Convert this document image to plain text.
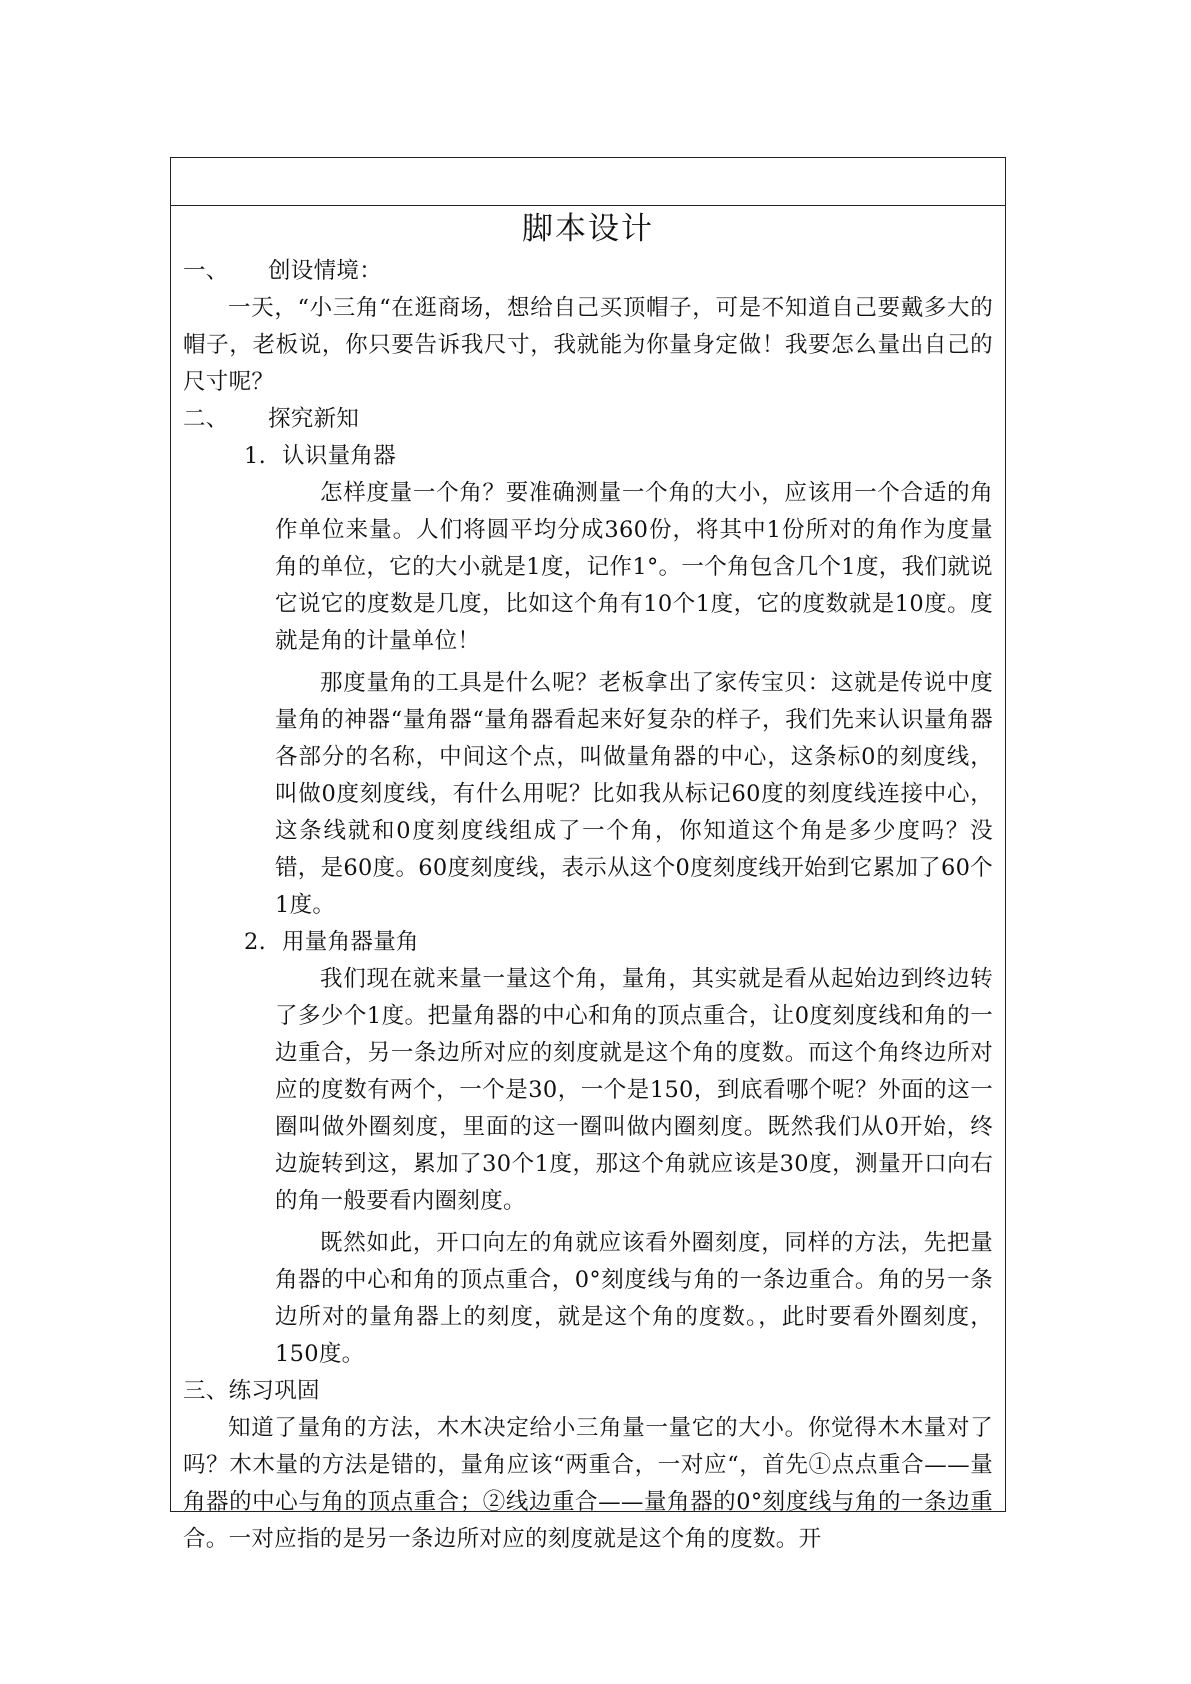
脚本设计

一、 创设情境：

一天，“小三角“在逛商场，想给自己买顶帽子，可是不知道自己要戴多大的帽子，老板说，你只要告诉我尺寸，我就能为你量身定做！我要怎么量出自己的尺寸呢？

二、 探究新知

1. 认识量角器

怎样度量一个角？要准确测量一个角的大小，应该用一个合适的角作单位来量。人们将圆平均分成360份，将其中1份所对的角作为度量角的单位，它的大小就是1度，记作1°。一个角包含几个1度，我们就说它说它的度数是几度，比如这个角有10个1度，它的度数就是10度。度就是角的计量单位！

那度量角的工具是什么呢？老板拿出了家传宝贝：这就是传说中度量角的神器“量角器“量角器看起来好复杂的样子，我们先来认识量角器各部分的名称，中间这个点，叫做量角器的中心，这条标0的刻度线，叫做0度刻度线，有什么用呢？比如我从标记60度的刻度线连接中心，这条线就和0度刻度线组成了一个角，你知道这个角是多少度吗？没错，是60度。60度刻度线，表示从这个0度刻度线开始到它累加了60个1度。

2. 用量角器量角

我们现在就来量一量这个角，量角，其实就是看从起始边到终边转了多少个1度。把量角器的中心和角的顶点重合，让0度刻度线和角的一边重合，另一条边所对应的刻度就是这个角的度数。而这个角终边所对应的度数有两个，一个是30，一个是150，到底看哪个呢？外面的这一圈叫做外圈刻度，里面的这一圈叫做内圈刻度。既然我们从0开始，终边旋转到这，累加了30个1度，那这个角就应该是30度，测量开口向右的角一般要看内圈刻度。

既然如此，开口向左的角就应该看外圈刻度，同样的方法，先把量角器的中心和角的顶点重合，0°刻度线与角的一条边重合。角的另一条边所对的量角器上的刻度，就是这个角的度数。，此时要看外圈刻度，150度。

三、练习巩固

知道了量角的方法，木木决定给小三角量一量它的大小。你觉得木木量对了吗？木木量的方法是错的，量角应该“两重合，一对应“，首先①点点重合——量角器的中心与角的顶点重合；②线边重合——量角器的0°刻度线与角的一条边重合。一对应指的是另一条边所对应的刻度就是这个角的度数。开
